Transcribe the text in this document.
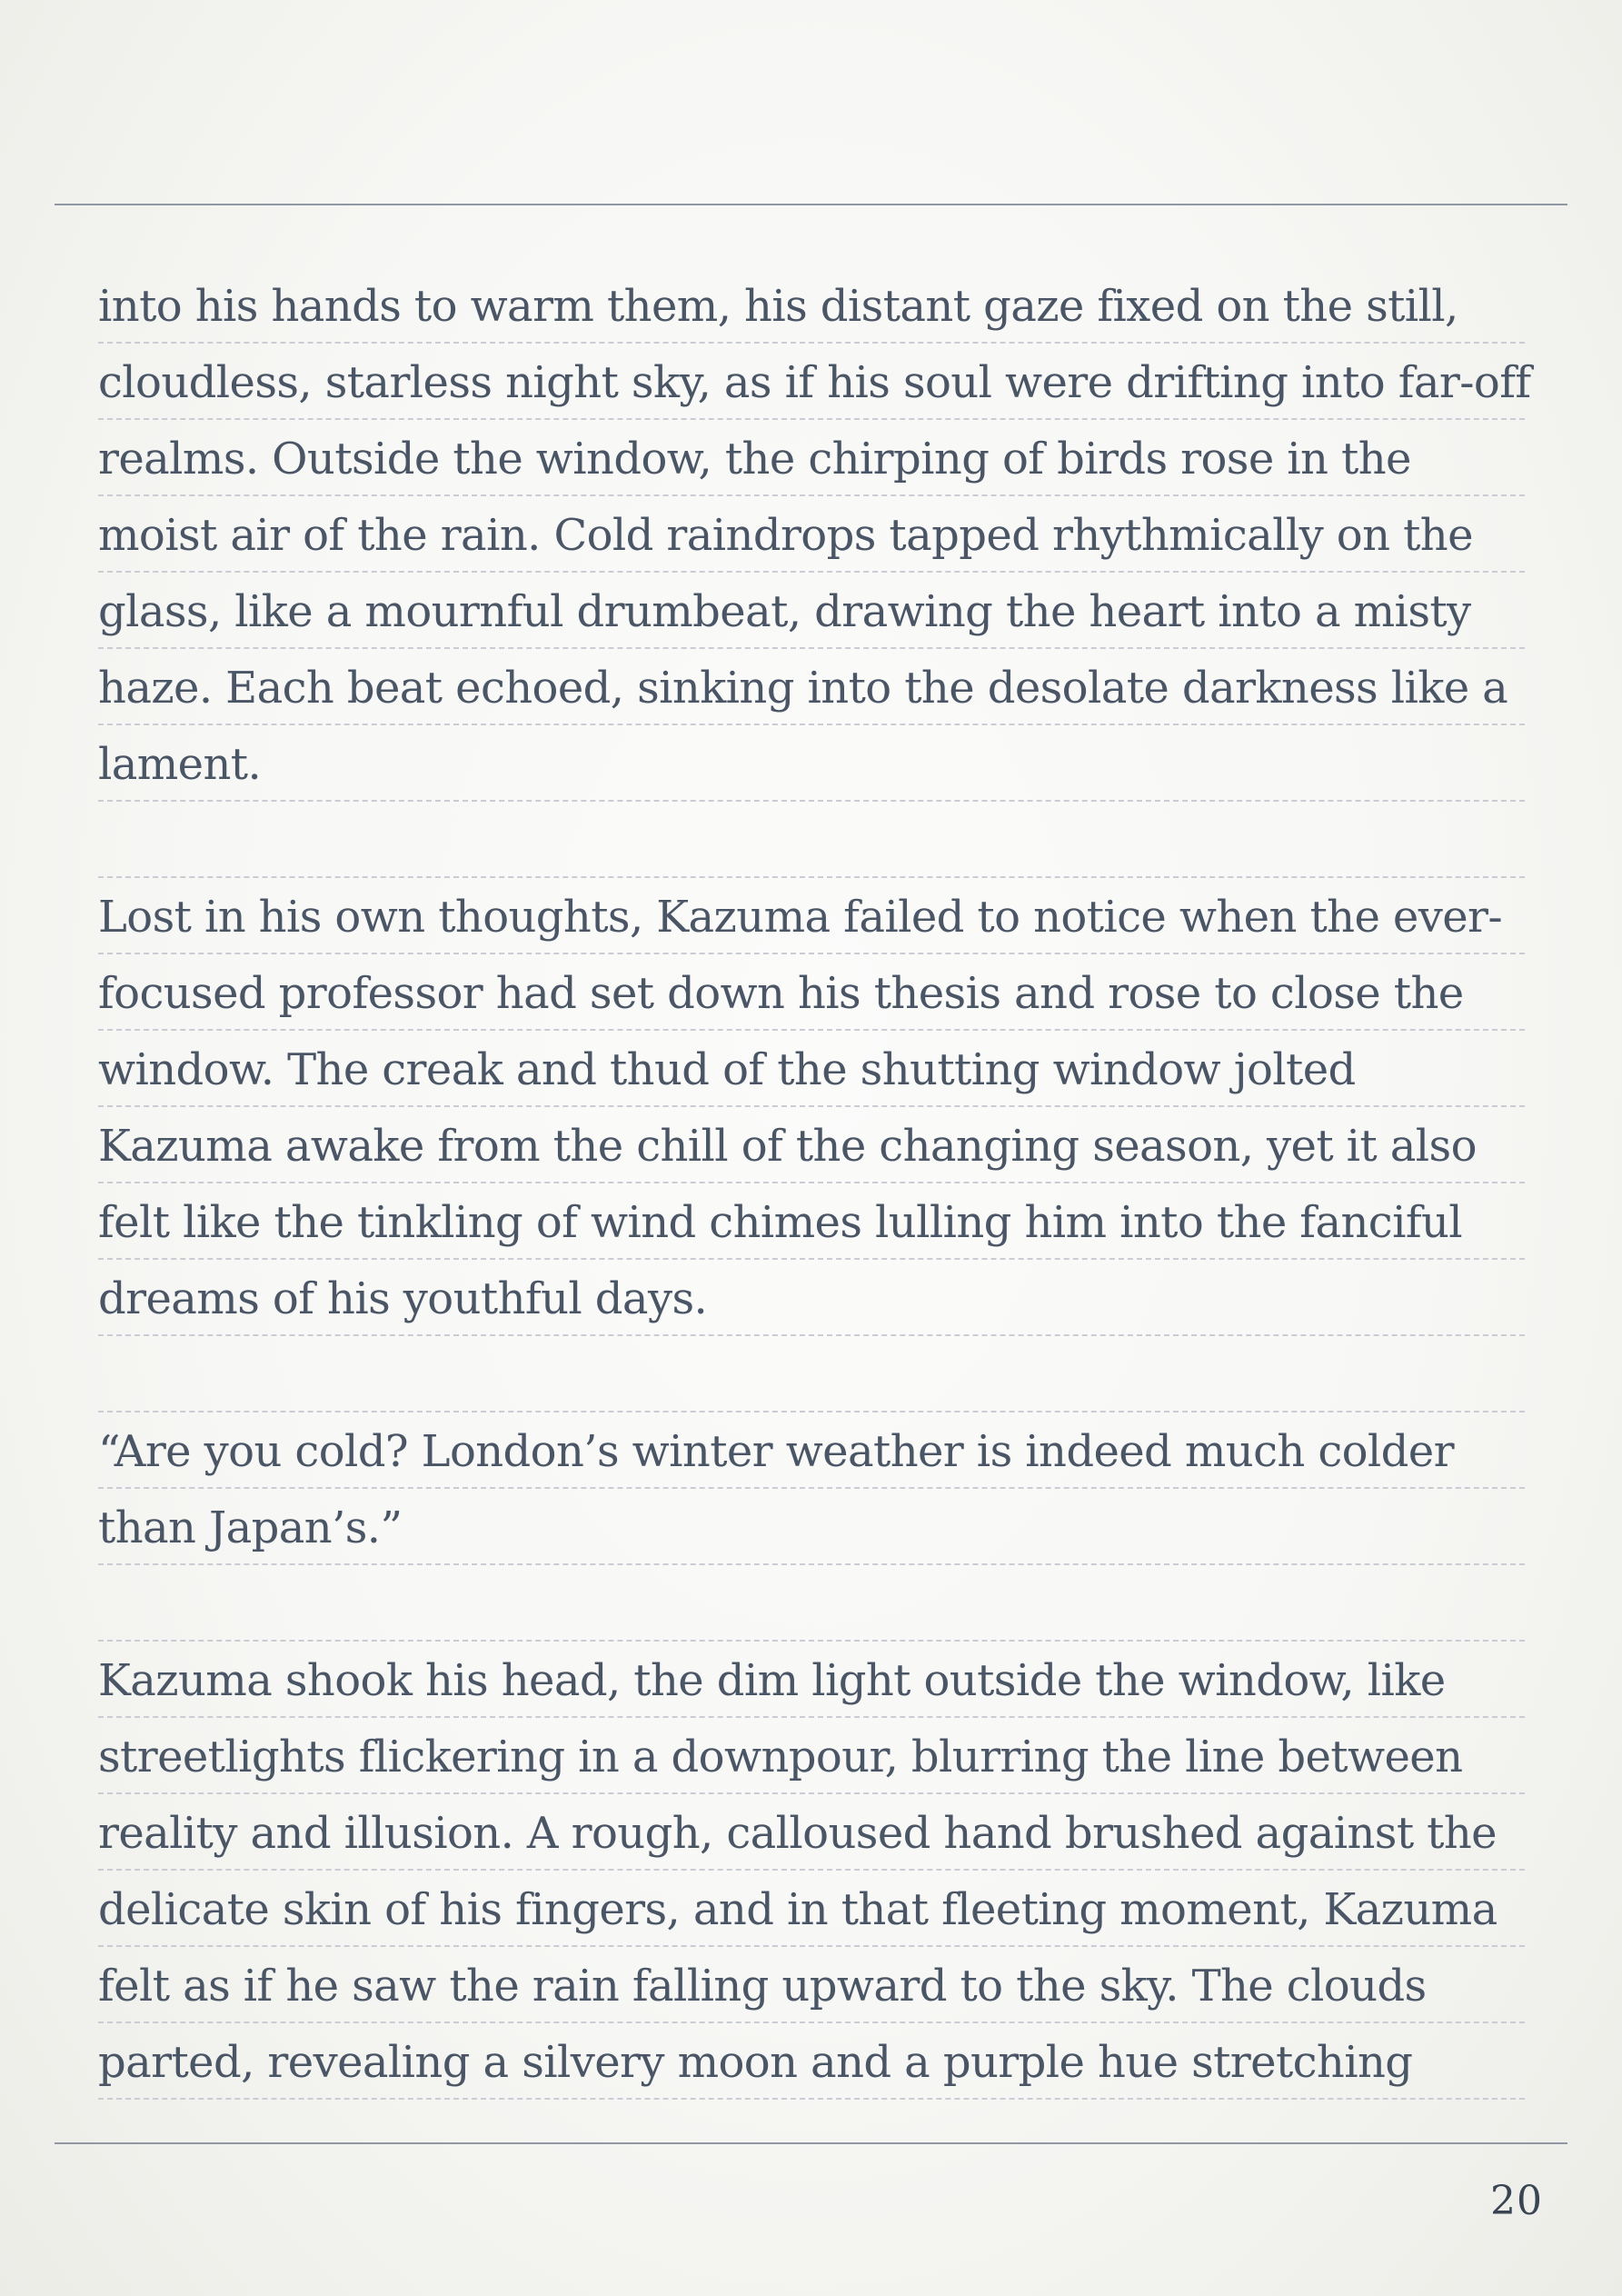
into his hands to warm them, his distant gaze fixed on the still,
cloudless, starless night sky, as if his soul were drifting into far-off
realms. Outside the window, the chirping of birds rose in the
moist air of the rain. Cold raindrops tapped rhythmically on the
glass, like a mournful drumbeat, drawing the heart into a misty
haze. Each beat echoed, sinking into the desolate darkness like a
lament.
Lost in his own thoughts, Kazuma failed to notice when the ever-
focused professor had set down his thesis and rose to close the
window. The creak and thud of the shutting window jolted
Kazuma awake from the chill of the changing season, yet it also
felt like the tinkling of wind chimes lulling him into the fanciful
dreams of his youthful days.
“Are you cold? London’s winter weather is indeed much colder
than Japan’s.”
Kazuma shook his head, the dim light outside the window, like
streetlights flickering in a downpour, blurring the line between
reality and illusion. A rough, calloused hand brushed against the
delicate skin of his fingers, and in that fleeting moment, Kazuma
felt as if he saw the rain falling upward to the sky. The clouds
parted, revealing a silvery moon and a purple hue stretching
20
